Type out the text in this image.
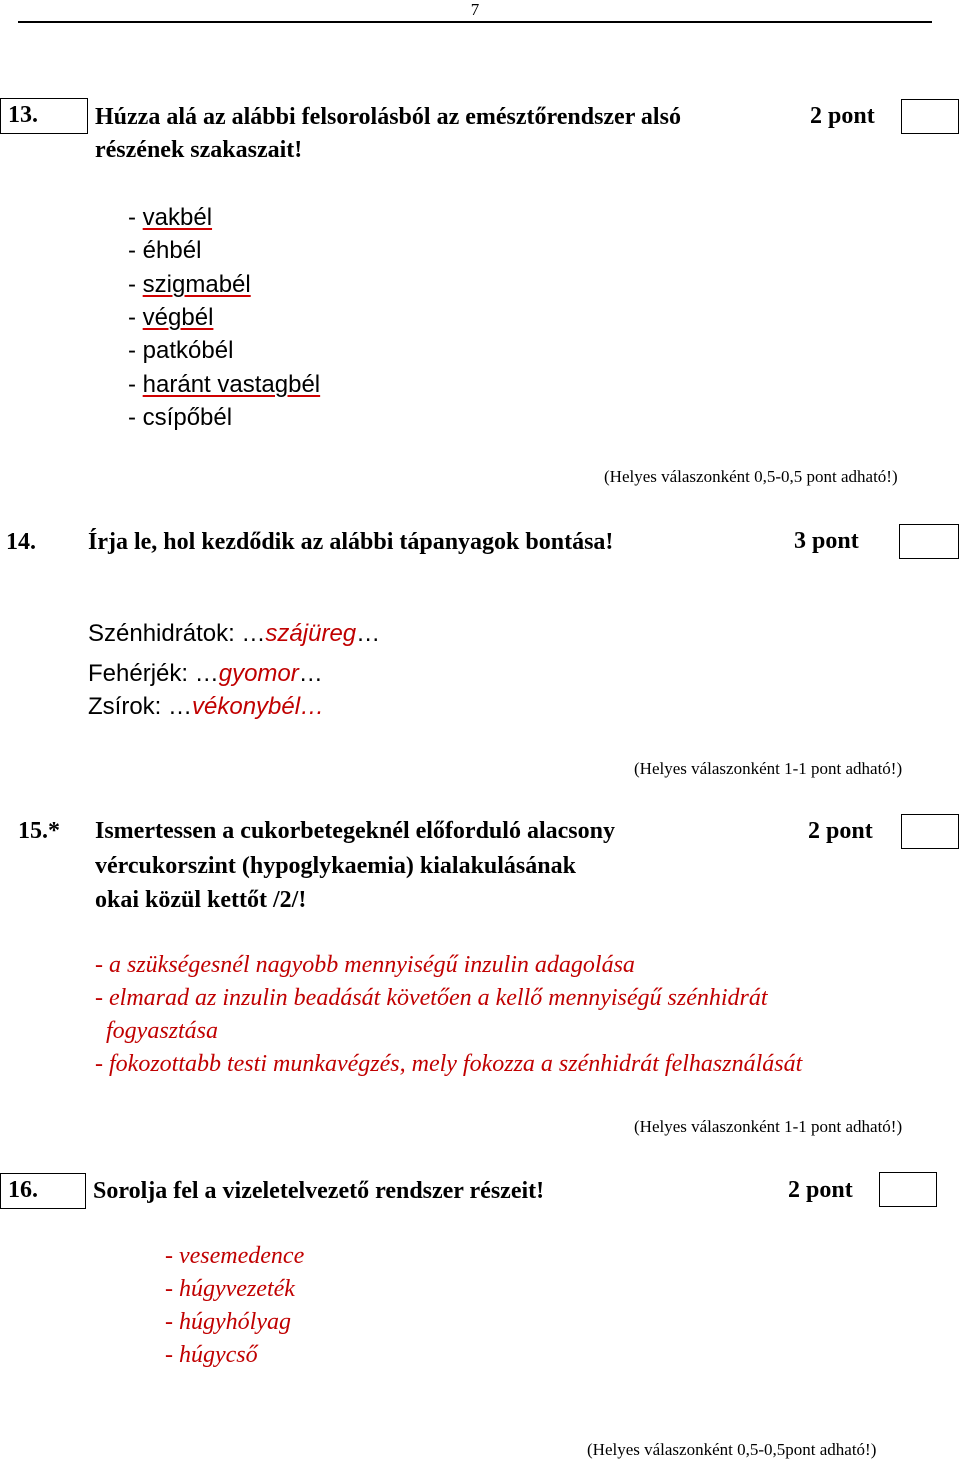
7
13.	Húzza alá az alábbi felsorolásból az emésztőrendszer alsó
részének szakaszait!
2 pont
- vakbél
- éhbél
- szigmabél
- végbél
- patkóbél
- haránt vastagbél
- csípőbél
(Helyes válaszonként 0,5-0,5 pont adható!)
14. Írja le, hol kezdődik az alábbi tápanyagok bontása!	3 pont
Szénhidrátok: …szájüreg…
Fehérjék: …gyomor…
Zsírok: …vékonybél…
(Helyes válaszonként 1-1 pont adható!)
15.* Ismertessen a cukorbetegeknél előforduló alacsony
vércukorszint (hypoglykaemia) kialakulásának
okai közül kettőt /2/!
2 pont
- a szükségesnél nagyobb mennyiségű inzulin adagolása
- elmarad az inzulin beadását követően a kellő mennyiségű szénhidrát
fogyasztása
- fokozottabb testi munkavégzés, mely fokozza a szénhidrát felhasználását
(Helyes válaszonként 1-1 pont adható!)
16.	Sorolja fel a vizeletelvezető rendszer részeit!	2 pont
- vesemedence
- húgyvezeték
- húgyhólyag
- húgycső
(Helyes válaszonként 0,5-0,5pont adható!)
